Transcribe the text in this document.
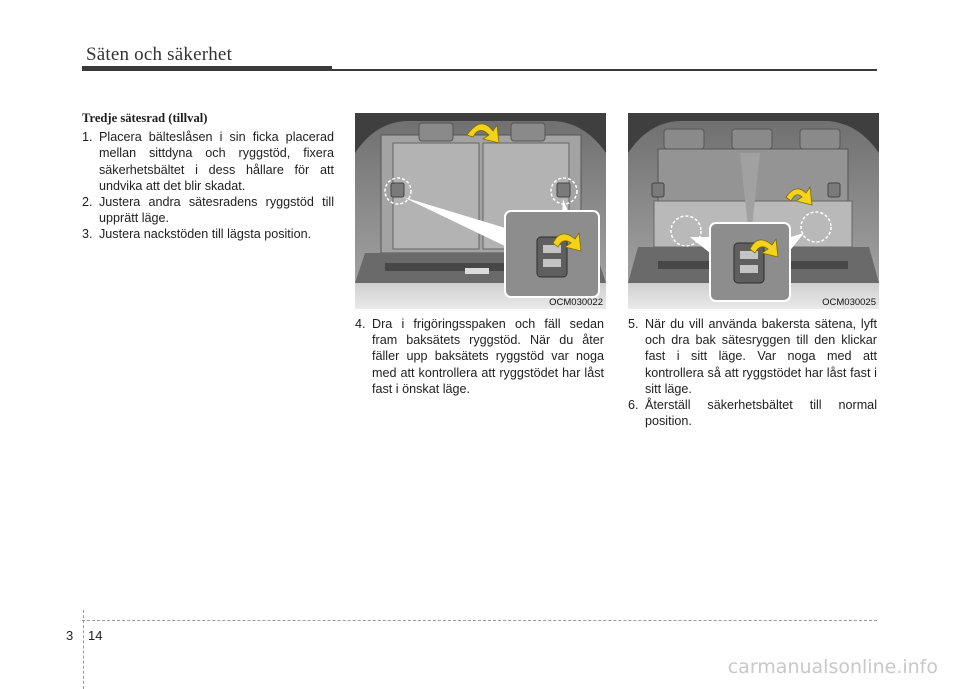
Säten och säkerhet
Tredje sätesrad (tillval)
1. Placera bälteslåsen i sin ficka placerad mellan sittdyna och ryggstöd, fixera säkerhetsbältet i dess hållare för att undvika att det blir skadat.
2. Justera andra sätesradens ryggstöd till upprätt läge.
3. Justera nackstöden till lägsta position.
OCM030022	OCM030025
4. Dra i frigöringsspaken och fäll sedan fram baksätets ryggstöd. När du åter fäller upp baksätets ryggstöd var noga med att kontrollera att ryggstödet har låst fast i önskat läge.
5. När du vill använda bakersta sätena, lyft och dra bak sätesryggen till den klickar fast i sitt läge. Var noga med att kontrollera så att ryggstödet har låst fast i sitt läge.
6. Återställ säkerhetsbältet till normal position.
3 14
carmanualsonline.info
